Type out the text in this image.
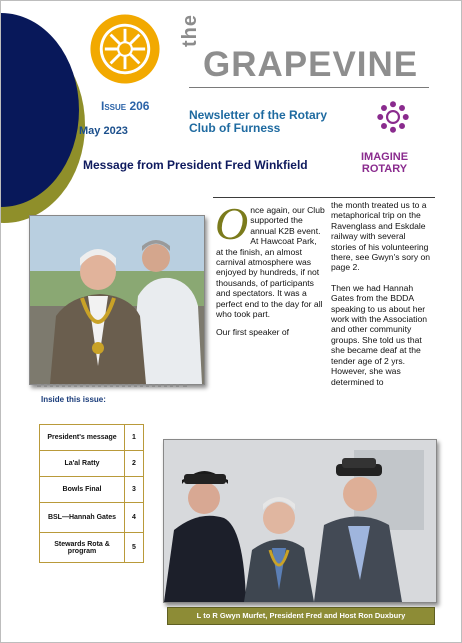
the
GRAPEVINE
Issue 206
May 2023
Newsletter of the Rotary Club of Furness
IMAGINE
ROTARY
Message from President Fred Winkfield

Once again, our Club supported the annual K2B event. At Hawcoat Park, at the finish, an almost carnival atmosphere was enjoyed by hundreds, if not thousands, of participants and spectators. It was a perfect end to the day for all who took part.

Our first speaker of

the month treated us to a metaphorical trip on the Ravenglass and Eskdale railway with several stories of his volunteering there, see Gwyn's sory on page 2.

Then we had Hannah Gates from the BDDA speaking to us about her work with the Association and other community groups. She told us that she became deaf at the tender age of 2 yrs. However, she was determined to

Inside this issue:
President's message	1
La'al Ratty	2
Bowls Final	3
BSL—Hannah Gates	4
Stewards Rota & program	5
L to R Gwyn Murfet, President Fred and Host Ron Duxbury
